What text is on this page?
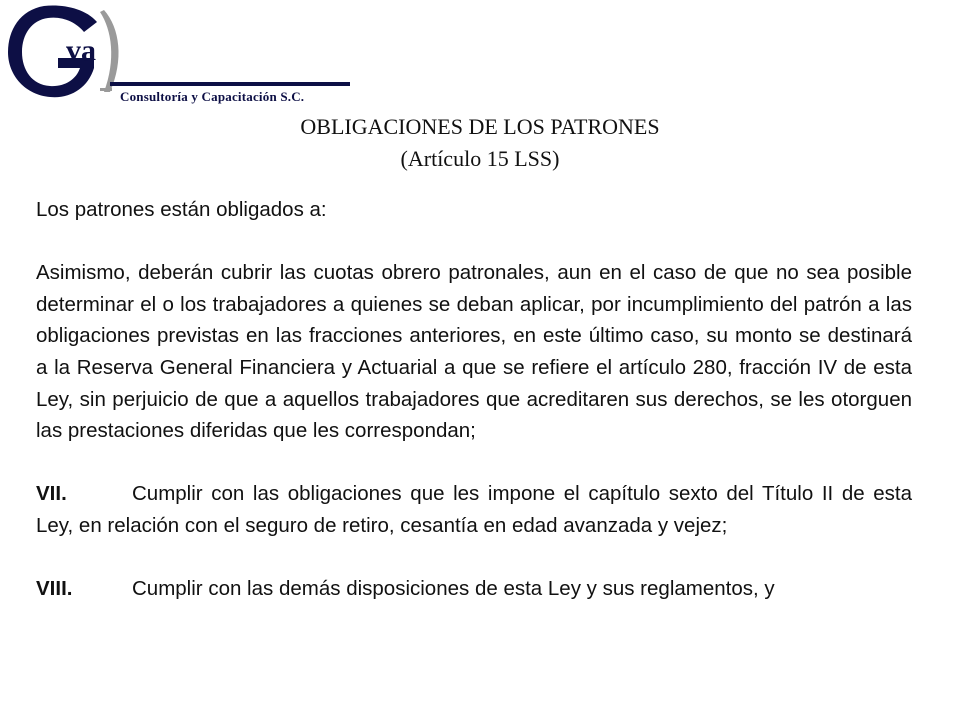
va
Consultoría y Capacitación S.C.
OBLIGACIONES DE LOS PATRONES
(Artículo 15 LSS)

Los patrones están obligados a:

Asimismo, deberán cubrir las cuotas obrero patronales, aun en el caso de que no sea posible determinar el o los trabajadores a quienes se deban aplicar, por incumplimiento del patrón a las obligaciones previstas en las fracciones anteriores, en este último caso, su monto se destinará a la Reserva General Financiera y Actuarial a que se refiere el artículo 280, fracción IV de esta Ley, sin perjuicio de que a aquellos trabajadores que acreditaren sus derechos, se les otorguen las prestaciones diferidas que les correspondan;

VII.	Cumplir con las obligaciones que les impone el capítulo sexto del Título II de esta Ley, en relación con el seguro de retiro, cesantía en edad avanzada y vejez;

VIII.	Cumplir con las demás disposiciones de esta Ley y sus reglamentos, y
